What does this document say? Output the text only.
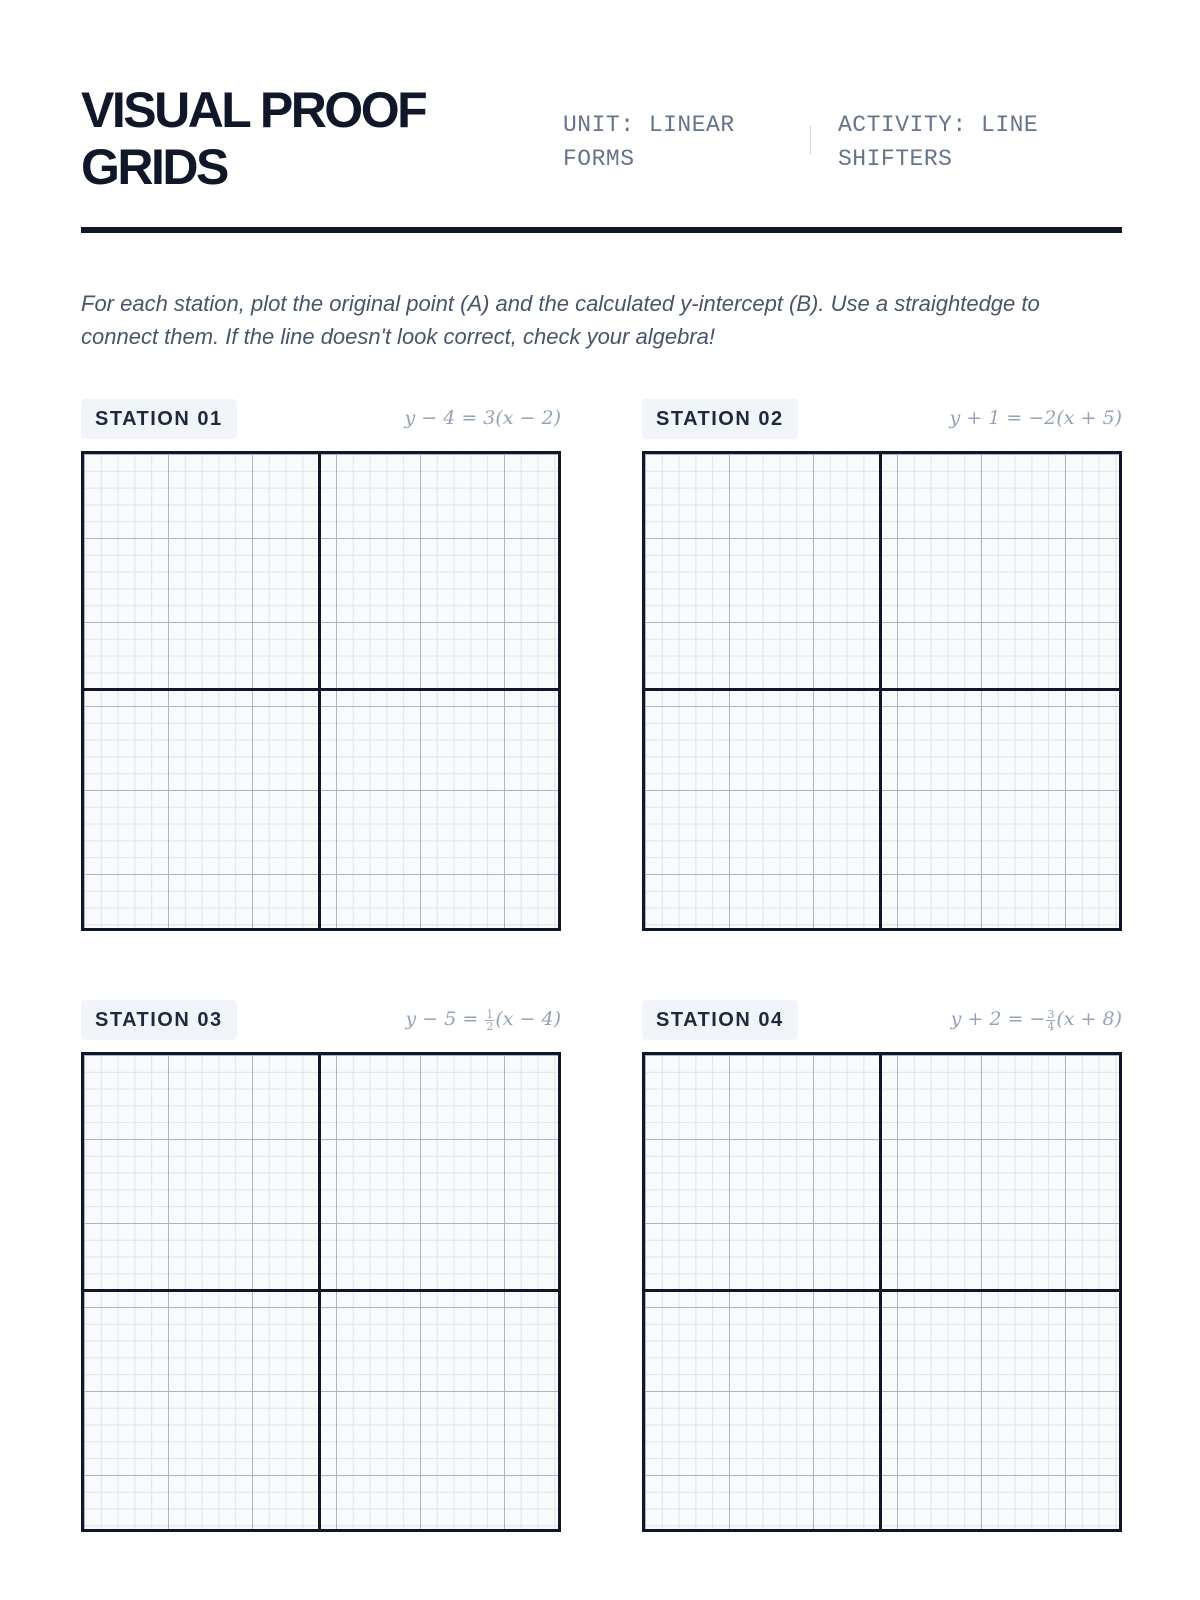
VISUAL PROOF GRIDS
UNIT: LINEAR FORMS
ACTIVITY: LINE SHIFTERS

For each station, plot the original point (A) and the calculated y-intercept (B). Use a straightedge to connect them. If the line doesn't look correct, check your algebra!

STATION 01	y − 4 = 3(x − 2)	STATION 02	y + 1 = −2(x + 5)
STATION 03	$y - 5 = \frac{1}{2} (x - 4)$	STATION 04	y + 2 = − $\frac{3}{4} (x + 8)$
